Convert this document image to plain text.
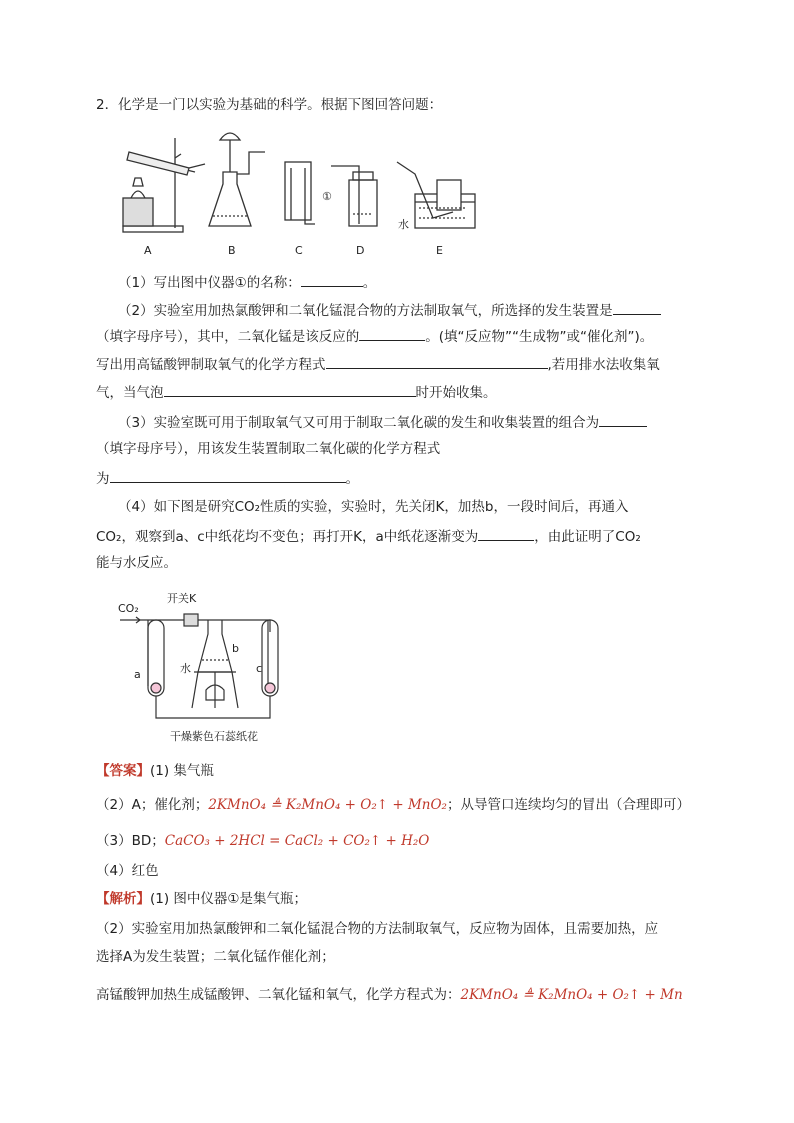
2．化学是一门以实验为基础的科学。根据下图回答问题：
A	B	C	D	E
①
水
（1）写出图中仪器①的名称：	。
（2）实验室用加热氯酸钾和二氧化锰混合物的方法制取氧气，所选择的发生装置是
（填字母序号），其中，二氧化锰是该反应的	。(填“反应物”“生成物”或“催化剂”)。
写出用高锰酸钾制取氧气的化学方程式	,若用排水法收集氧
气，当气泡	时开始收集。
（3）实验室既可用于制取氧气又可用于制取二氧化碳的发生和收集装置的组合为
（填字母序号），用该发生装置制取二氧化碳的化学方程式
为	。
（4）如下图是研究CO₂性质的实验，实验时，先关闭K，加热b，一段时间后，再通入
CO₂，观察到a、c中纸花均不变色；再打开K，a中纸花逐渐变为	，由此证明了CO₂
能与水反应。
CO₂
开关K
a
b
c
水
干燥紫色石蕊纸花
【答案】(1) 集气瓶
（2）A；催化剂；2KMnO₄ ≜ K₂MnO₄ + O₂↑ + MnO₂；从导管口连续均匀的冒出（合理即可）
（3）BD；CaCO₃ + 2HCl = CaCl₂ + CO₂↑ + H₂O
（4）红色
【解析】(1) 图中仪器①是集气瓶；
（2）实验室用加热氯酸钾和二氧化锰混合物的方法制取氧气，反应物为固体，且需要加热，应
选择A为发生装置；二氧化锰作催化剂；
高锰酸钾加热生成锰酸钾、二氧化锰和氧气，化学方程式为：2KMnO₄ ≜ K₂MnO₄ + O₂↑ + Mn
